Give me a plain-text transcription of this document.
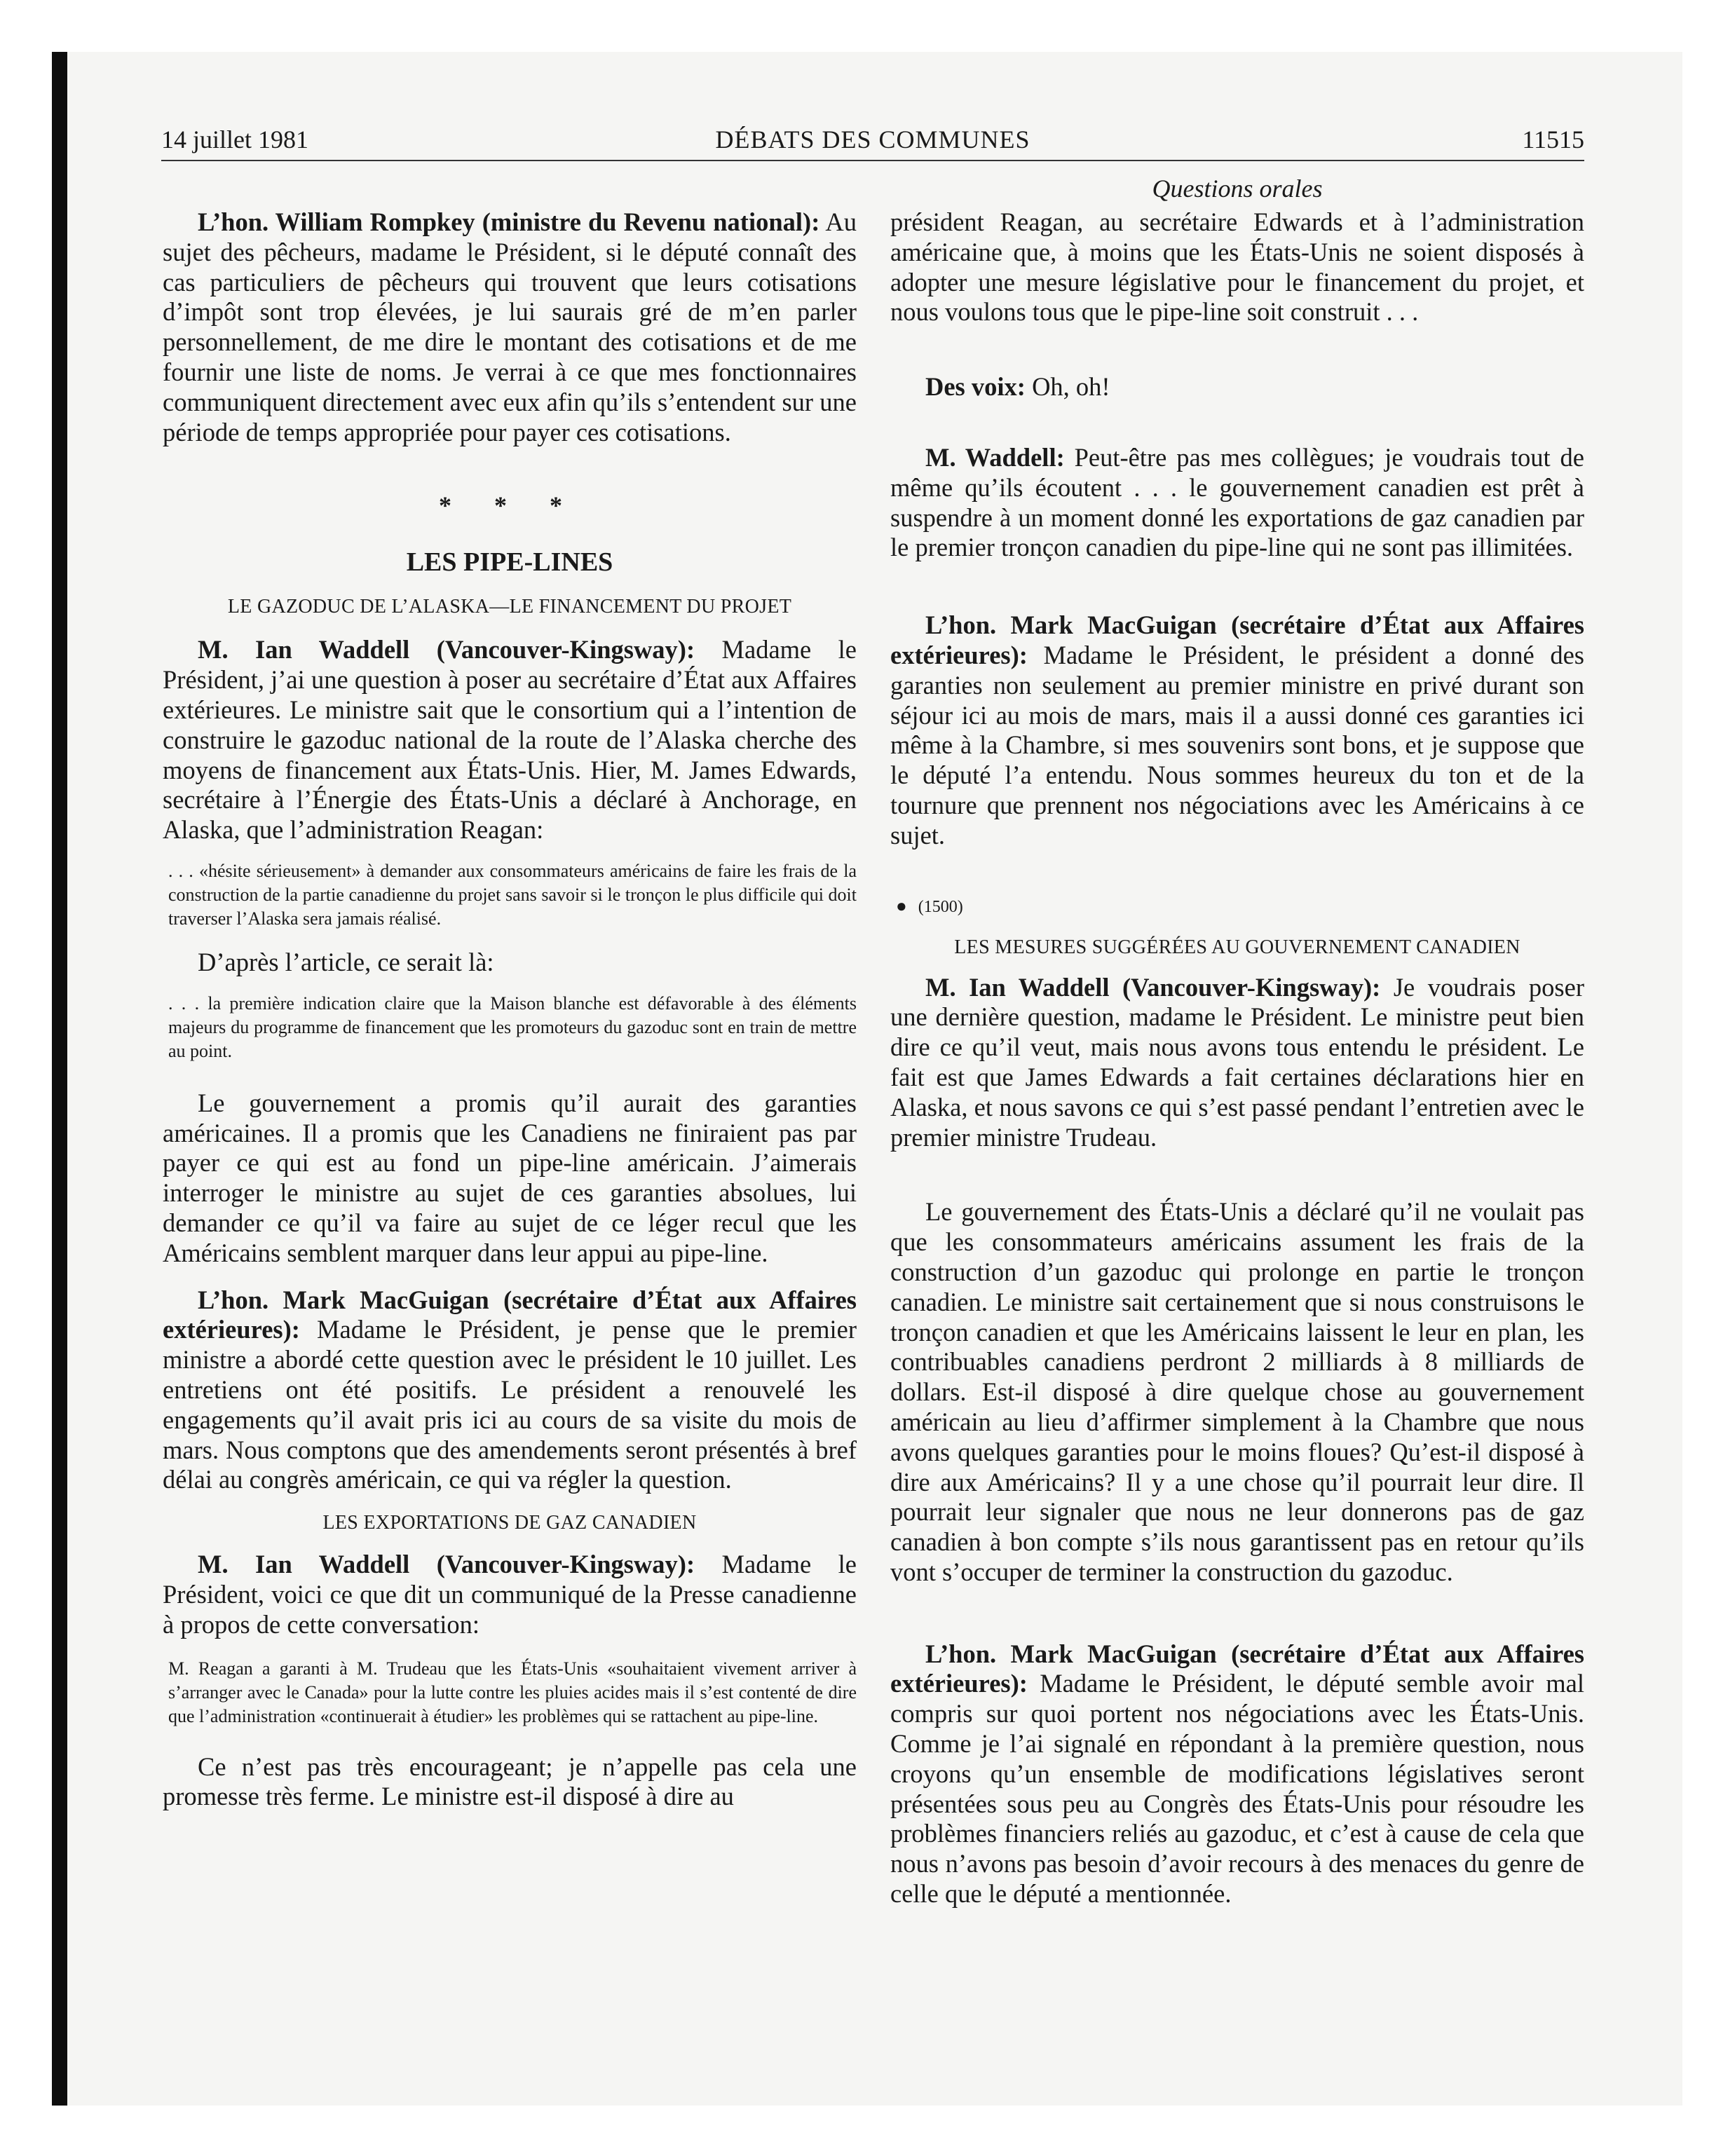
14 juillet 1981	DÉBATS DES COMMUNES	11515
Questions orales

L’hon. William Rompkey (ministre du Revenu national): Au sujet des pêcheurs, madame le Président, si le député connaît des cas particuliers de pêcheurs qui trouvent que leurs cotisations d’impôt sont trop élevées, je lui saurais gré de m’en parler personnellement, de me dire le montant des cotisations et de me fournir une liste de noms. Je verrai à ce que mes fonctionnaires communiquent directement avec eux afin qu’ils s’entendent sur une période de temps appropriée pour payer ces cotisations.

* * *

LES PIPE-LINES

LE GAZODUC DE L’ALASKA—LE FINANCEMENT DU PROJET

M. Ian Waddell (Vancouver-Kingsway): Madame le Président, j’ai une question à poser au secrétaire d’État aux Affaires extérieures. Le ministre sait que le consortium qui a l’intention de construire le gazoduc national de la route de l’Alaska cherche des moyens de financement aux États-Unis. Hier, M. James Edwards, secrétaire à l’Énergie des États-Unis a déclaré à Anchorage, en Alaska, que l’administration Reagan:

. . . «hésite sérieusement» à demander aux consommateurs américains de faire les frais de la construction de la partie canadienne du projet sans savoir si le tronçon le plus difficile qui doit traverser l’Alaska sera jamais réalisé.

D’après l’article, ce serait là:

. . . la première indication claire que la Maison blanche est défavorable à des éléments majeurs du programme de financement que les promoteurs du gazoduc sont en train de mettre au point.

Le gouvernement a promis qu’il aurait des garanties américaines. Il a promis que les Canadiens ne finiraient pas par payer ce qui est au fond un pipe-line américain. J’aimerais interroger le ministre au sujet de ces garanties absolues, lui demander ce qu’il va faire au sujet de ce léger recul que les Américains semblent marquer dans leur appui au pipe-line.

L’hon. Mark MacGuigan (secrétaire d’État aux Affaires extérieures): Madame le Président, je pense que le premier ministre a abordé cette question avec le président le 10 juillet. Les entretiens ont été positifs. Le président a renouvelé les engagements qu’il avait pris ici au cours de sa visite du mois de mars. Nous comptons que des amendements seront présentés à bref délai au congrès américain, ce qui va régler la question.

LES EXPORTATIONS DE GAZ CANADIEN

M. Ian Waddell (Vancouver-Kingsway): Madame le Président, voici ce que dit un communiqué de la Presse canadienne à propos de cette conversation:

M. Reagan a garanti à M. Trudeau que les États-Unis «souhaitaient vivement arriver à s’arranger avec le Canada» pour la lutte contre les pluies acides mais il s’est contenté de dire que l’administration «continuerait à étudier» les problèmes qui se rattachent au pipe-line.

Ce n’est pas très encourageant; je n’appelle pas cela une promesse très ferme. Le ministre est-il disposé à dire au

président Reagan, au secrétaire Edwards et à l’administration américaine que, à moins que les États-Unis ne soient disposés à adopter une mesure législative pour le financement du projet, et nous voulons tous que le pipe-line soit construit . . .

Des voix: Oh, oh!

M. Waddell: Peut-être pas mes collègues; je voudrais tout de même qu’ils écoutent . . . le gouvernement canadien est prêt à suspendre à un moment donné les exportations de gaz canadien par le premier tronçon canadien du pipe-line qui ne sont pas illimitées.

L’hon. Mark MacGuigan (secrétaire d’État aux Affaires extérieures): Madame le Président, le président a donné des garanties non seulement au premier ministre en privé durant son séjour ici au mois de mars, mais il a aussi donné ces garanties ici même à la Chambre, si mes souvenirs sont bons, et je suppose que le député l’a entendu. Nous sommes heureux du ton et de la tournure que prennent nos négociations avec les Américains à ce sujet.

● (1500)

LES MESURES SUGGÉRÉES AU GOUVERNEMENT CANADIEN

M. Ian Waddell (Vancouver-Kingsway): Je voudrais poser une dernière question, madame le Président. Le ministre peut bien dire ce qu’il veut, mais nous avons tous entendu le président. Le fait est que James Edwards a fait certaines déclarations hier en Alaska, et nous savons ce qui s’est passé pendant l’entretien avec le premier ministre Trudeau.

Le gouvernement des États-Unis a déclaré qu’il ne voulait pas que les consommateurs américains assument les frais de la construction d’un gazoduc qui prolonge en partie le tronçon canadien. Le ministre sait certainement que si nous construisons le tronçon canadien et que les Américains laissent le leur en plan, les contribuables canadiens perdront 2 milliards à 8 milliards de dollars. Est-il disposé à dire quelque chose au gouvernement américain au lieu d’affirmer simplement à la Chambre que nous avons quelques garanties pour le moins floues? Qu’est-il disposé à dire aux Américains? Il y a une chose qu’il pourrait leur dire. Il pourrait leur signaler que nous ne leur donnerons pas de gaz canadien à bon compte s’ils nous garantissent pas en retour qu’ils vont s’occuper de terminer la construction du gazoduc.

L’hon. Mark MacGuigan (secrétaire d’État aux Affaires extérieures): Madame le Président, le député semble avoir mal compris sur quoi portent nos négociations avec les États-Unis. Comme je l’ai signalé en répondant à la première question, nous croyons qu’un ensemble de modifications législatives seront présentées sous peu au Congrès des États-Unis pour résoudre les problèmes financiers reliés au gazoduc, et c’est à cause de cela que nous n’avons pas besoin d’avoir recours à des menaces du genre de celle que le député a mentionnée.
